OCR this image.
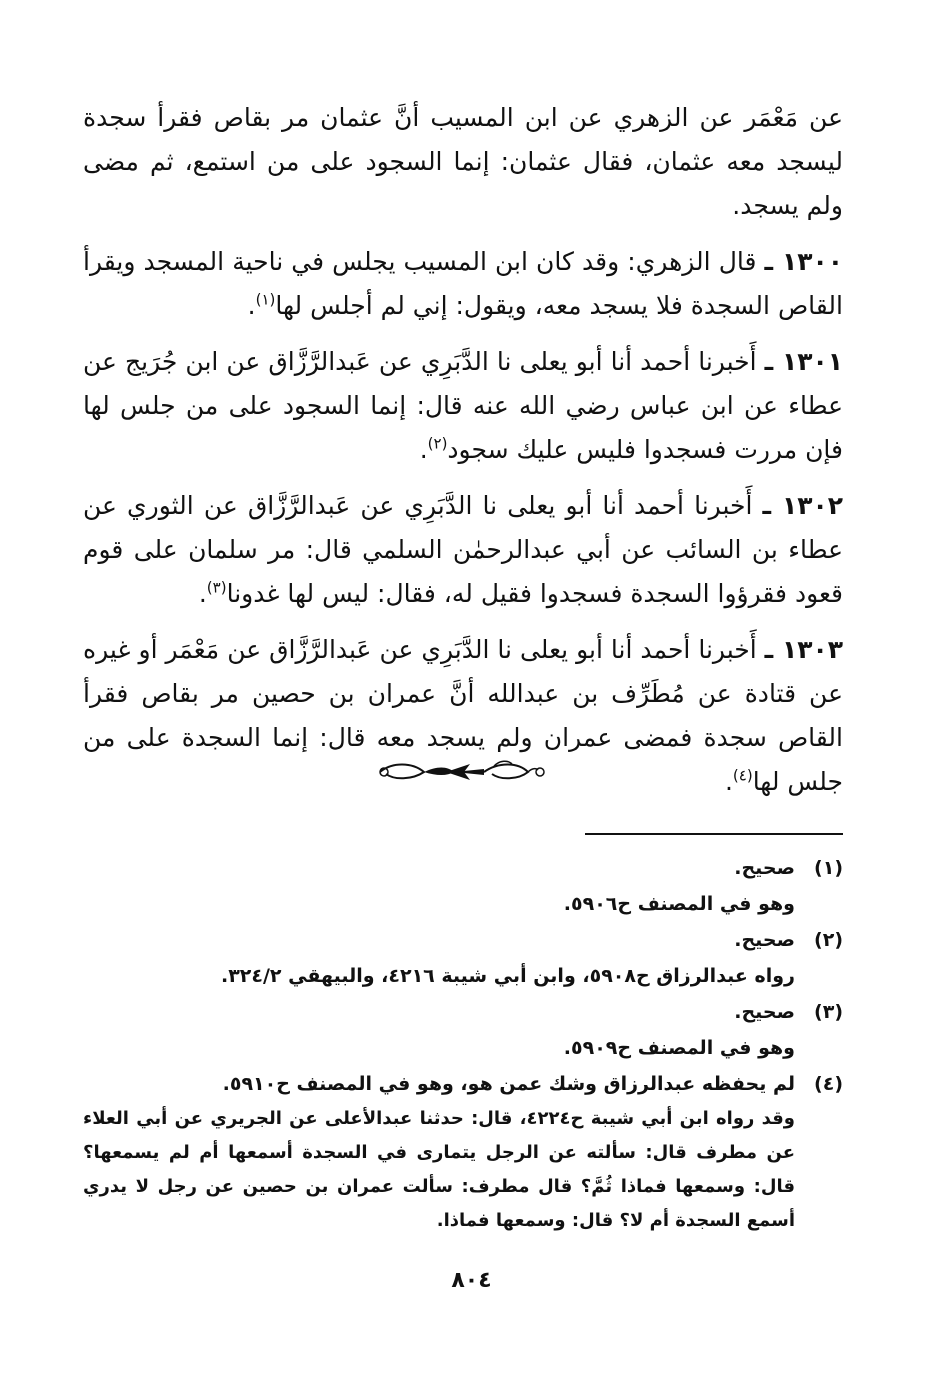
عن مَعْمَر عن الزهري عن ابن المسيب أنَّ عثمان مر بقاص فقرأ سجدة ليسجد معه عثمان، فقال عثمان: إنما السجود على من استمع، ثم مضى ولم يسجد.

١٣٠٠ ـ قال الزهري: وقد كان ابن المسيب يجلس في ناحية المسجد ويقرأ القاص السجدة فلا يسجد معه، ويقول: إني لم أجلس لها$^{(١)}$.

١٣٠١ ـ أَخبرنا أحمد أنا أبو يعلى نا الدَّبَرِي عن عَبدالرَّزَّاق عن ابن جُرَيج عن عطاء عن ابن عباس رضي الله عنه قال: إنما السجود على من جلس لها فإن مررت فسجدوا فليس عليك سجود$^{(٢)}$.

١٣٠٢ ـ أَخبرنا أحمد أنا أبو يعلى نا الدَّبَرِي عن عَبدالرَّزَّاق عن الثوري عن عطاء بن السائب عن أبي عبدالرحمٰن السلمي قال: مر سلمان على قوم قعود فقرؤوا السجدة فسجدوا فقيل له، فقال: ليس لها غدونا$^{(٣)}$.

١٣٠٣ ـ أَخبرنا أحمد أنا أبو يعلى نا الدَّبَرِي عن عَبدالرَّزَّاق عن مَعْمَر أو غيره عن قتادة عن مُطَرِّف بن عبدالله أنَّ عمران بن حصين مر بقاص فقرأ القاص سجدة فمضى عمران ولم يسجد معه قال: إنما السجدة على من جلس لها$^{(٤)}$.

(١)
صحيح.
وهو في المصنف ح٥٩٠٦.
(٢)
صحيح.
رواه عبدالرزاق ح٥٩٠٨، وابن أبي شيبة ٤٢١٦، والبيهقي ٣٢٤/٢.
(٣)
صحيح.
وهو في المصنف ح٥٩٠٩.
(٤)
لم يحفظه عبدالرزاق وشك عمن هو، وهو في المصنف ح٥٩١٠.
وقد رواه ابن أبي شيبة ح٤٢٢٤، قال: حدثنا عبدالأعلى عن الجريري عن أبي العلاء عن مطرف قال: سألته عن الرجل يتمارى في السجدة أسمعها أم لم يسمعها؟ قال: وسمعها فماذا ثُمَّ؟ قال مطرف: سألت عمران بن حصين عن رجل لا يدري أسمع السجدة أم لا؟ قال: وسمعها فماذا.
٨٠٤
